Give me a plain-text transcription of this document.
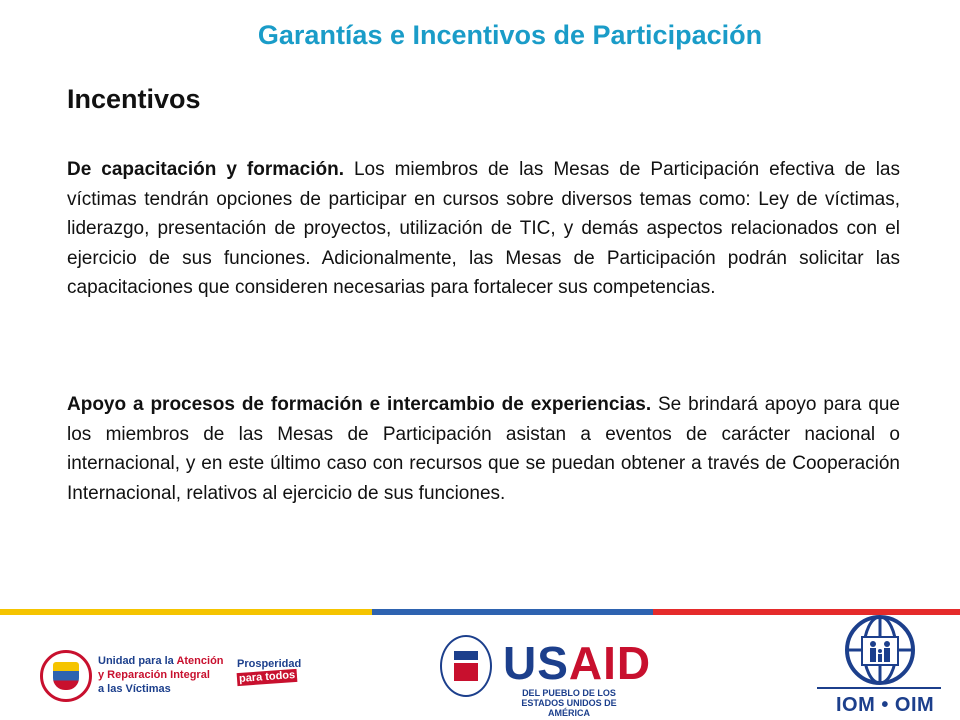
Garantías e Incentivos de Participación
Incentivos
De capacitación y formación. Los miembros de las Mesas de Participación efectiva de las víctimas tendrán opciones de participar en cursos sobre diversos temas como: Ley de víctimas, liderazgo, presentación de proyectos, utilización de TIC, y demás aspectos relacionados con el ejercicio de sus funciones. Adicionalmente, las Mesas de Participación podrán solicitar las capacitaciones que consideren necesarias para fortalecer sus competencias.
Apoyo a procesos de formación e intercambio de experiencias. Se brindará apoyo para que los miembros de las Mesas de Participación asistan a eventos de carácter nacional o internacional, y en este último caso con recursos que se puedan obtener a través de Cooperación Internacional, relativos al ejercicio de sus funciones.
Unidad para la Atención
y Reparación Integral
a las Víctimas
Prosperidad
para todos	USAID
DEL PUEBLO DE LOS ESTADOS UNIDOS DE AMÉRICA	IOM • OIM
